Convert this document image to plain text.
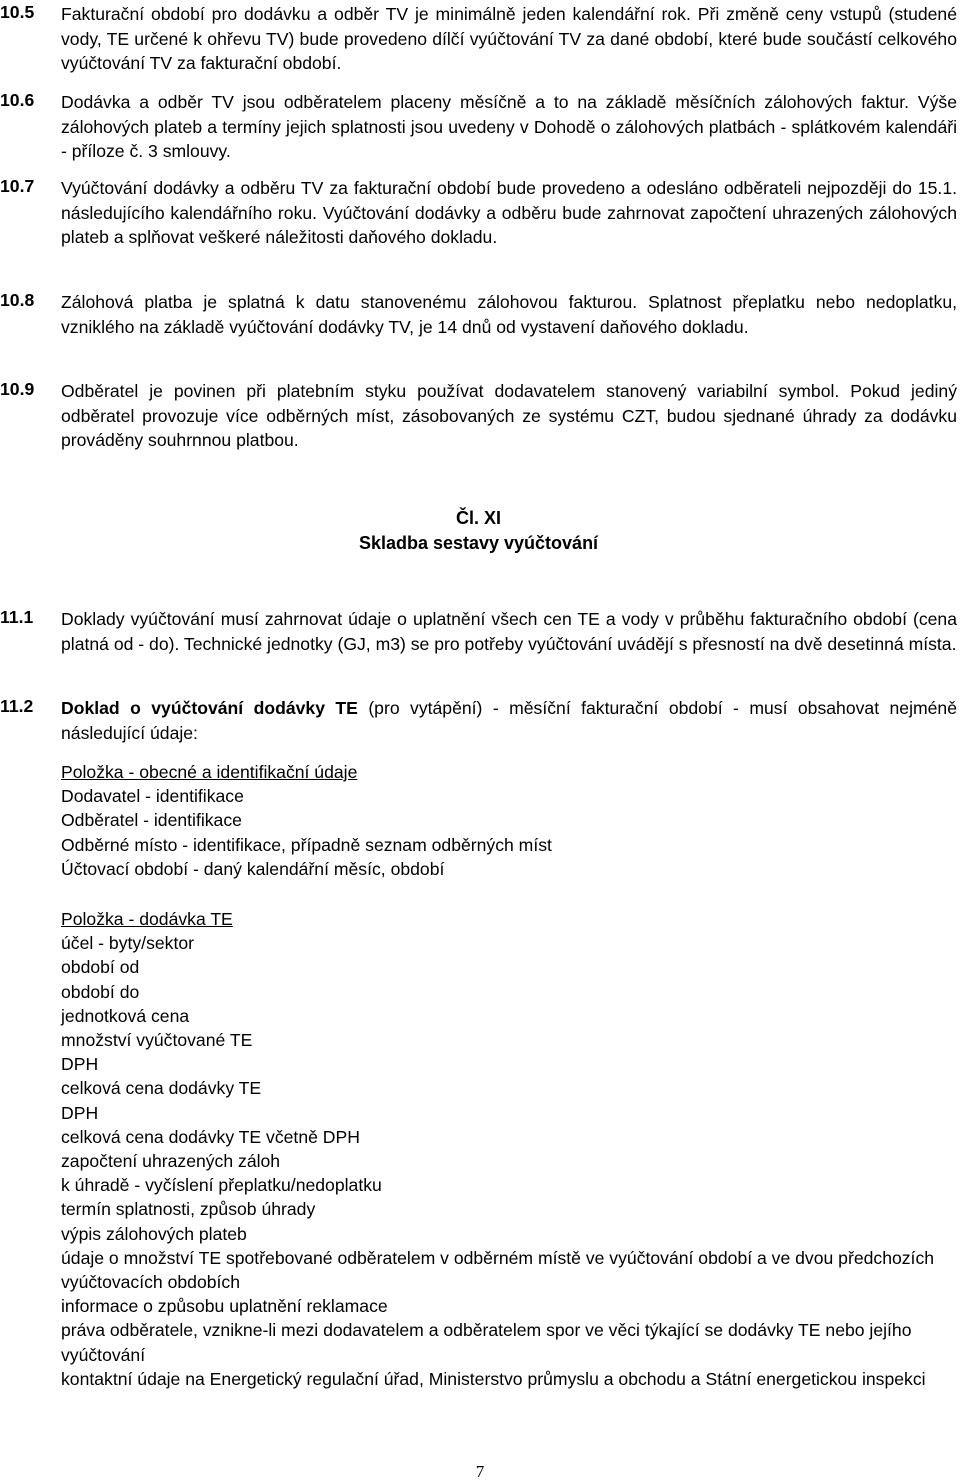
10.5 Fakturační období pro dodávku a odběr TV je minimálně jeden kalendářní rok. Při změně ceny vstupů (studené vody, TE určené k ohřevu TV) bude provedeno dílčí vyúčtování TV za dané období, které bude součástí celkového vyúčtování TV za fakturační období.
10.6 Dodávka a odběr TV jsou odběratelem placeny měsíčně a to na základě měsíčních zálohových faktur. Výše zálohových plateb a termíny jejich splatnosti jsou uvedeny v Dohodě o zálohových platbách - splátkovém kalendáři - příloze č. 3 smlouvy.
10.7 Vyúčtování dodávky a odběru TV za fakturační období bude provedeno a odesláno odběrateli nejpozději do 15.1. následujícího kalendářního roku. Vyúčtování dodávky a odběru bude zahrnovat započtení uhrazených zálohových plateb a splňovat veškeré náležitosti daňového dokladu.
10.8 Zálohová platba je splatná k datu stanovenému zálohovou fakturou. Splatnost přeplatku nebo nedoplatku, vzniklého na základě vyúčtování dodávky TV, je 14 dnů od vystavení daňového dokladu.
10.9 Odběratel je povinen při platebním styku používat dodavatelem stanovený variabilní symbol. Pokud jediný odběratel provozuje více odběrných míst, zásobovaných ze systému CZT, budou sjednané úhrady za dodávku prováděny souhrnnou platbou.
Čl. XI
Skladba sestavy vyúčtování
11.1 Doklady vyúčtování musí zahrnovat údaje o uplatnění všech cen TE a vody v průběhu fakturačního období (cena platná od - do). Technické jednotky (GJ, m3) se pro potřeby vyúčtování uvádějí s přesností na dvě desetinná místa.
11.2 Doklad o vyúčtování dodávky TE (pro vytápění) - měsíční fakturační období - musí obsahovat nejméně následující údaje:
Položka - obecné a identifikační údaje
Dodavatel - identifikace
Odběratel - identifikace
Odběrné místo - identifikace, případně seznam odběrných míst
Účtovací období - daný kalendářní měsíc, období
Položka - dodávka TE
účel - byty/sektor
období od
období do
jednotková cena
množství vyúčtované TE
DPH
celková cena dodávky TE
DPH
celková cena dodávky TE včetně DPH
započtení uhrazených záloh
k úhradě - vyčíslení přeplatku/nedoplatku
termín splatnosti, způsob úhrady
výpis zálohových plateb
údaje o množství TE spotřebované odběratelem v odběrném místě ve vyúčtování období a ve dvou předchozích vyúčtovacích obdobích
informace o způsobu uplatnění reklamace
práva odběratele, vznikne-li mezi dodavatelem a odběratelem spor ve věci týkající se dodávky TE nebo jejího vyúčtování
kontaktní údaje na Energetický regulační úřad, Ministerstvo průmyslu a obchodu a Státní energetickou inspekci
7
